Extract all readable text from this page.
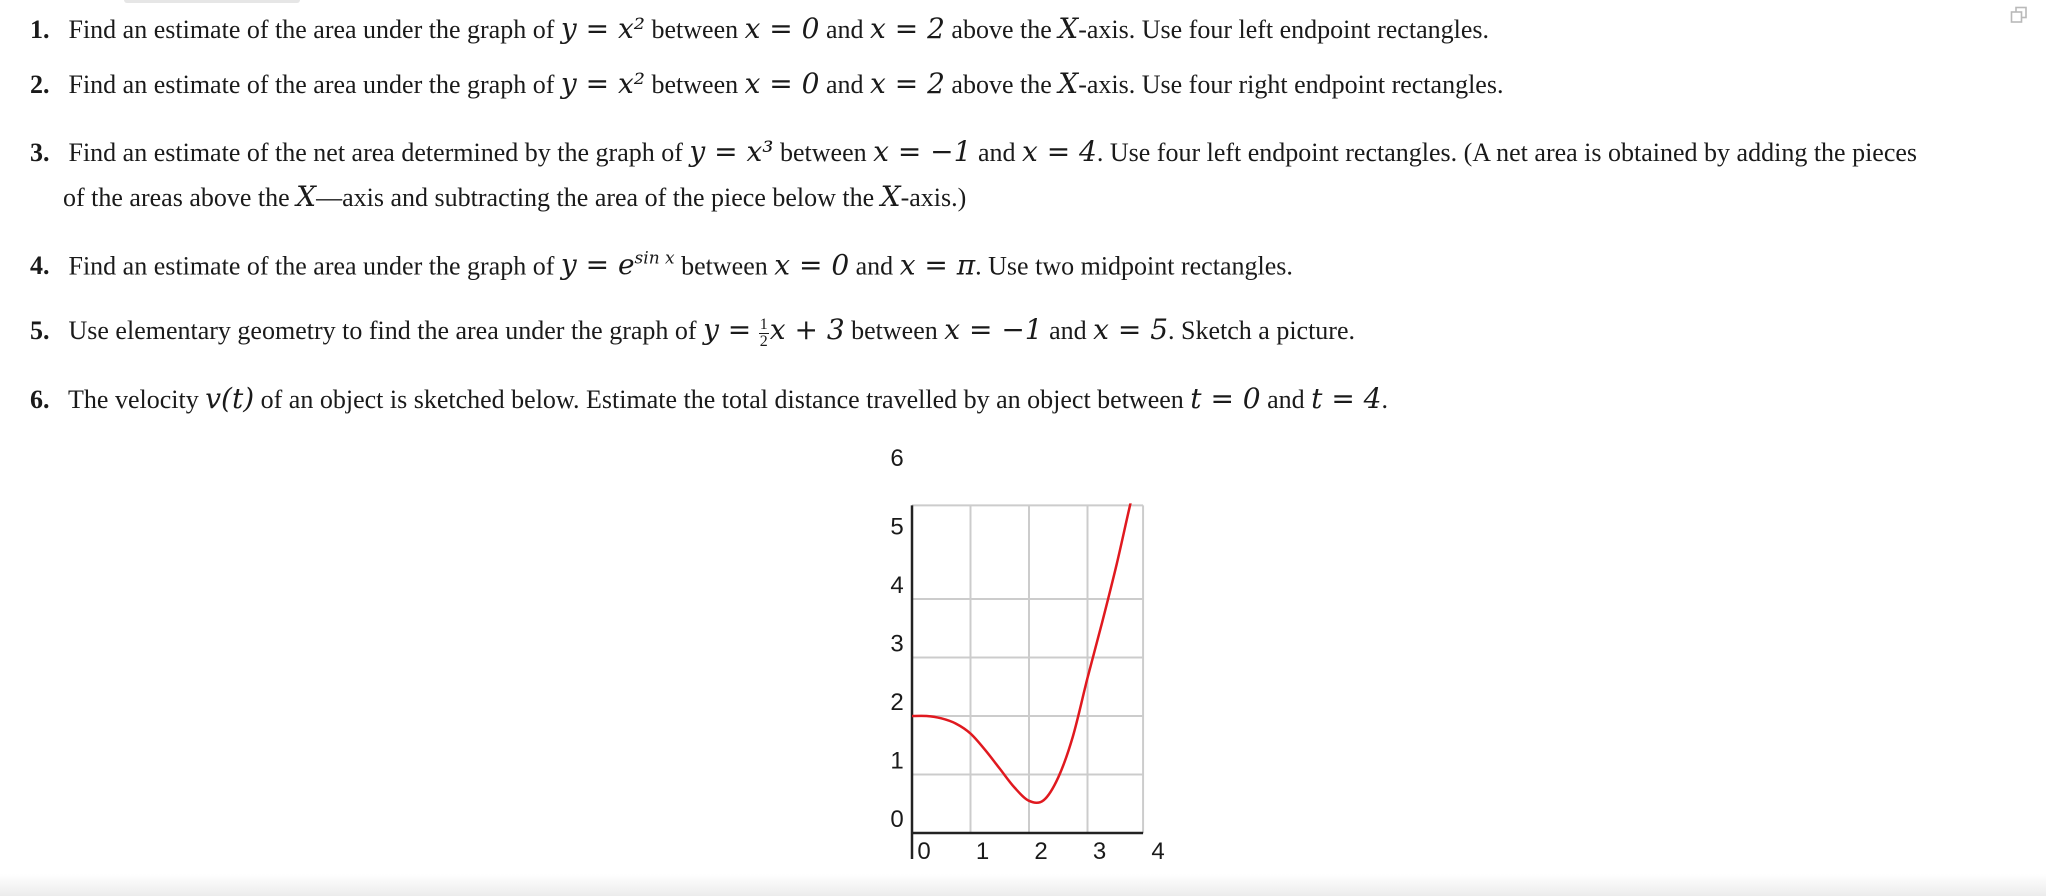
1. Find an estimate of the area under the graph of y = x² between x = 0 and x = 2 above the X-axis. Use four left endpoint rectangles.
2. Find an estimate of the area under the graph of y = x² between x = 0 and x = 2 above the X-axis. Use four right endpoint rectangles.
3. Find an estimate of the net area determined by the graph of y = x³ between x = −1 and x = 4. Use four left endpoint rectangles. (A net area is obtained by adding the pieces
of the areas above the X—axis and subtracting the area of the piece below the X-axis.)
4. Find an estimate of the area under the graph of $y = e^{sin x}$ between x = 0 and x = π. Use two midpoint rectangles.
5. Use elementary geometry to find the area under the graph of $y = \frac{1}{2}$ x + 3 between x = −1 and x = 5. Sketch a picture.
6. The velocity v(t) of an object is sketched below. Estimate the total distance travelled by an object between t = 0 and t = 4.
0 1 2 3 4
0
1
2
3
4
5
6
